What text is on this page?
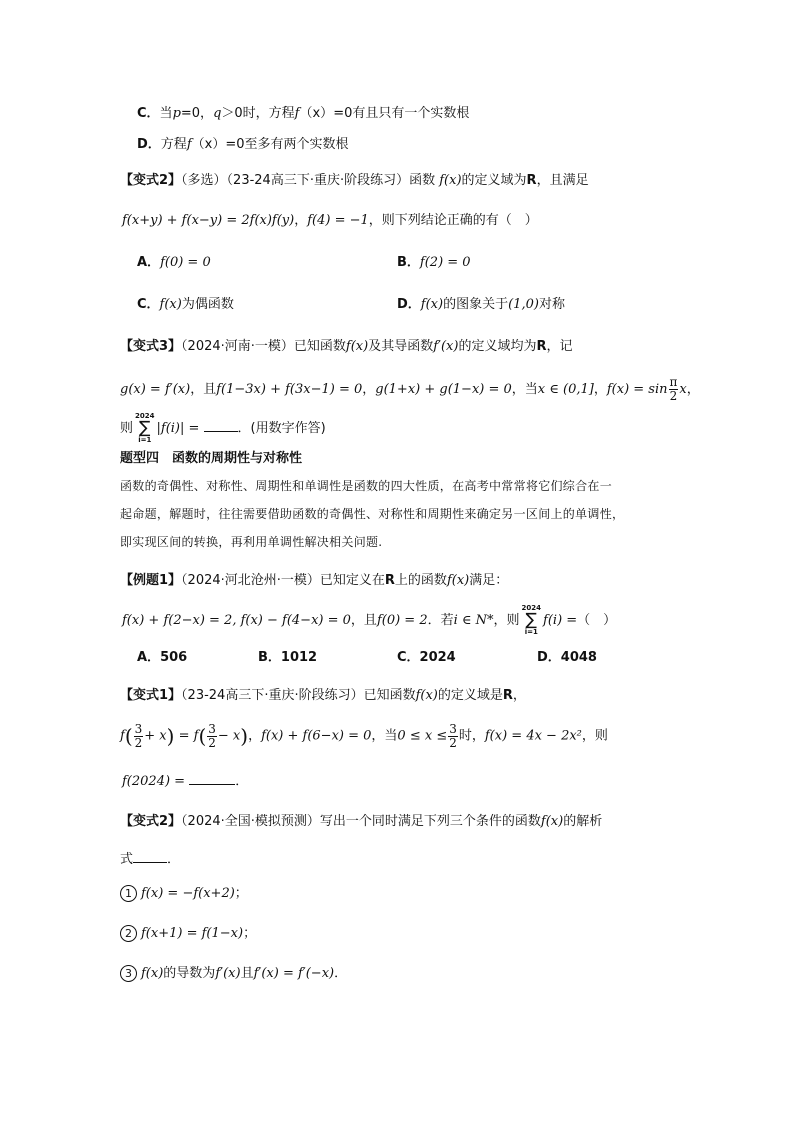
C．当p=0，q＞0时，方程f（x）=0有且只有一个实数根
D．方程f（x）=0至多有两个实数根
【变式2】（多选）（23-24高三下·重庆·阶段练习）函数 f(x)的定义域为R，且满足
f(x+y) + f(x−y) = 2f(x)f(y)，f(4) = −1，则下列结论正确的有（　）
A．f(0) = 0	B．f(2) = 0
C．f(x)为偶函数	D．f(x)的图象关于(1,0)对称
【变式3】（2024·河南·一模）已知函数f(x)及其导函数f′(x)的定义域均为R，记
g(x) = f′(x)，且f(1−3x) + f(3x−1) = 0，g(1+x) + g(1−x) = 0，当x ∈ (0,1]，$f(x) = \sin \frac{\pi}{2}$ x，
则
2024
∑
i=1
|f(i)| =	．(用数字作答)
题型四　函数的周期性与对称性
函数的奇偶性、对称性、周期性和单调性是函数的四大性质，在高考中常常将它们综合在一
起命题，解题时，往往需要借助函数的奇偶性、对称性和周期性来确定另一区间上的单调性，
即实现区间的转换，再利用单调性解决相关问题.
【例题1】（2024·河北沧州·一模）已知定义在R上的函数f(x)满足：
f(x) + f(2−x) = 2, f(x) − f(4−x) = 0，且f(0) = 2．若i ∈ N*，则
2024
∑
i=1
f(i) =（　）
A．506	B．1012	C．2024	D．4048
【变式1】（23-24高三下·重庆·阶段练习）已知函数f(x)的定义域是R，
$f( \frac{3}{2} + x) = f( \frac{3}{2} - x)$，f(x) + f(6−x) = 0，当$0 \le x \le \frac{3}{2}$ 时，f(x) = 4x − 2x²，则
f(2024) =	．
【变式2】（2024·全国·模拟预测）写出一个同时满足下列三个条件的函数f(x)的解析
式	．
1 f(x) = −f(x+2)；
2 f(x+1) = f(1−x)；
3 f(x)的导数为f′(x)且f′(x) = f′(−x)．
